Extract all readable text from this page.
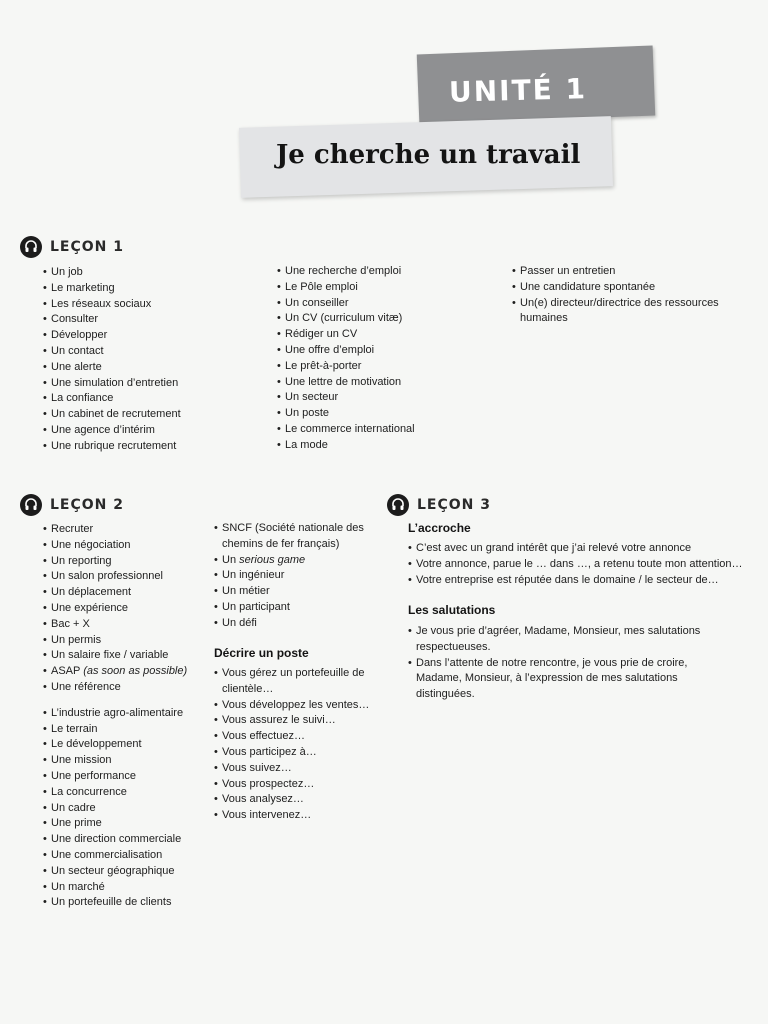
UNITÉ 1
Je cherche un travail
LEÇON 1
• Un job
• Le marketing
• Les réseaux sociaux
• Consulter
• Développer
• Un contact
• Une alerte
• Une simulation d’entretien
• La confiance
• Un cabinet de recrutement
• Une agence d’intérim
• Une rubrique recrutement
• Une recherche d’emploi
• Le Pôle emploi
• Un conseiller
• Un CV (curriculum vitæ)
• Rédiger un CV
• Une offre d’emploi
• Le prêt-à-porter
• Une lettre de motivation
• Un secteur
• Un poste
• Le commerce international
• La mode
• Passer un entretien
• Une candidature spontanée
• Un(e) directeur/directrice des ressources humaines
LEÇON 2
• Recruter
• Une négociation
• Un reporting
• Un salon professionnel
• Un déplacement
• Une expérience
• Bac + X
• Un permis
• Un salaire fixe / variable
• ASAP (as soon as possible)
• Une référence
• L’industrie agro-alimentaire
• Le terrain
• Le développement
• Une mission
• Une performance
• La concurrence
• Un cadre
• Une prime
• Une direction commerciale
• Une commercialisation
• Un secteur géographique
• Un marché
• Un portefeuille de clients
• SNCF (Société nationale des chemins de fer français)
• Un serious game
• Un ingénieur
• Un métier
• Un participant
• Un défi
Décrire un poste
• Vous gérez un portefeuille de clientèle…
• Vous développez les ventes…
• Vous assurez le suivi…
• Vous effectuez…
• Vous participez à…
• Vous suivez…
• Vous prospectez…
• Vous analysez…
• Vous intervenez…
LEÇON 3
L’accroche
• C’est avec un grand intérêt que j’ai relevé votre annonce
• Votre annonce, parue le … dans …, a retenu toute mon attention…
• Votre entreprise est réputée dans le domaine / le secteur de…
Les salutations
• Je vous prie d’agréer, Madame, Monsieur, mes salutations respectueuses.
• Dans l’attente de notre rencontre, je vous prie de croire, Madame, Monsieur, à l’expression de mes salutations distinguées.
